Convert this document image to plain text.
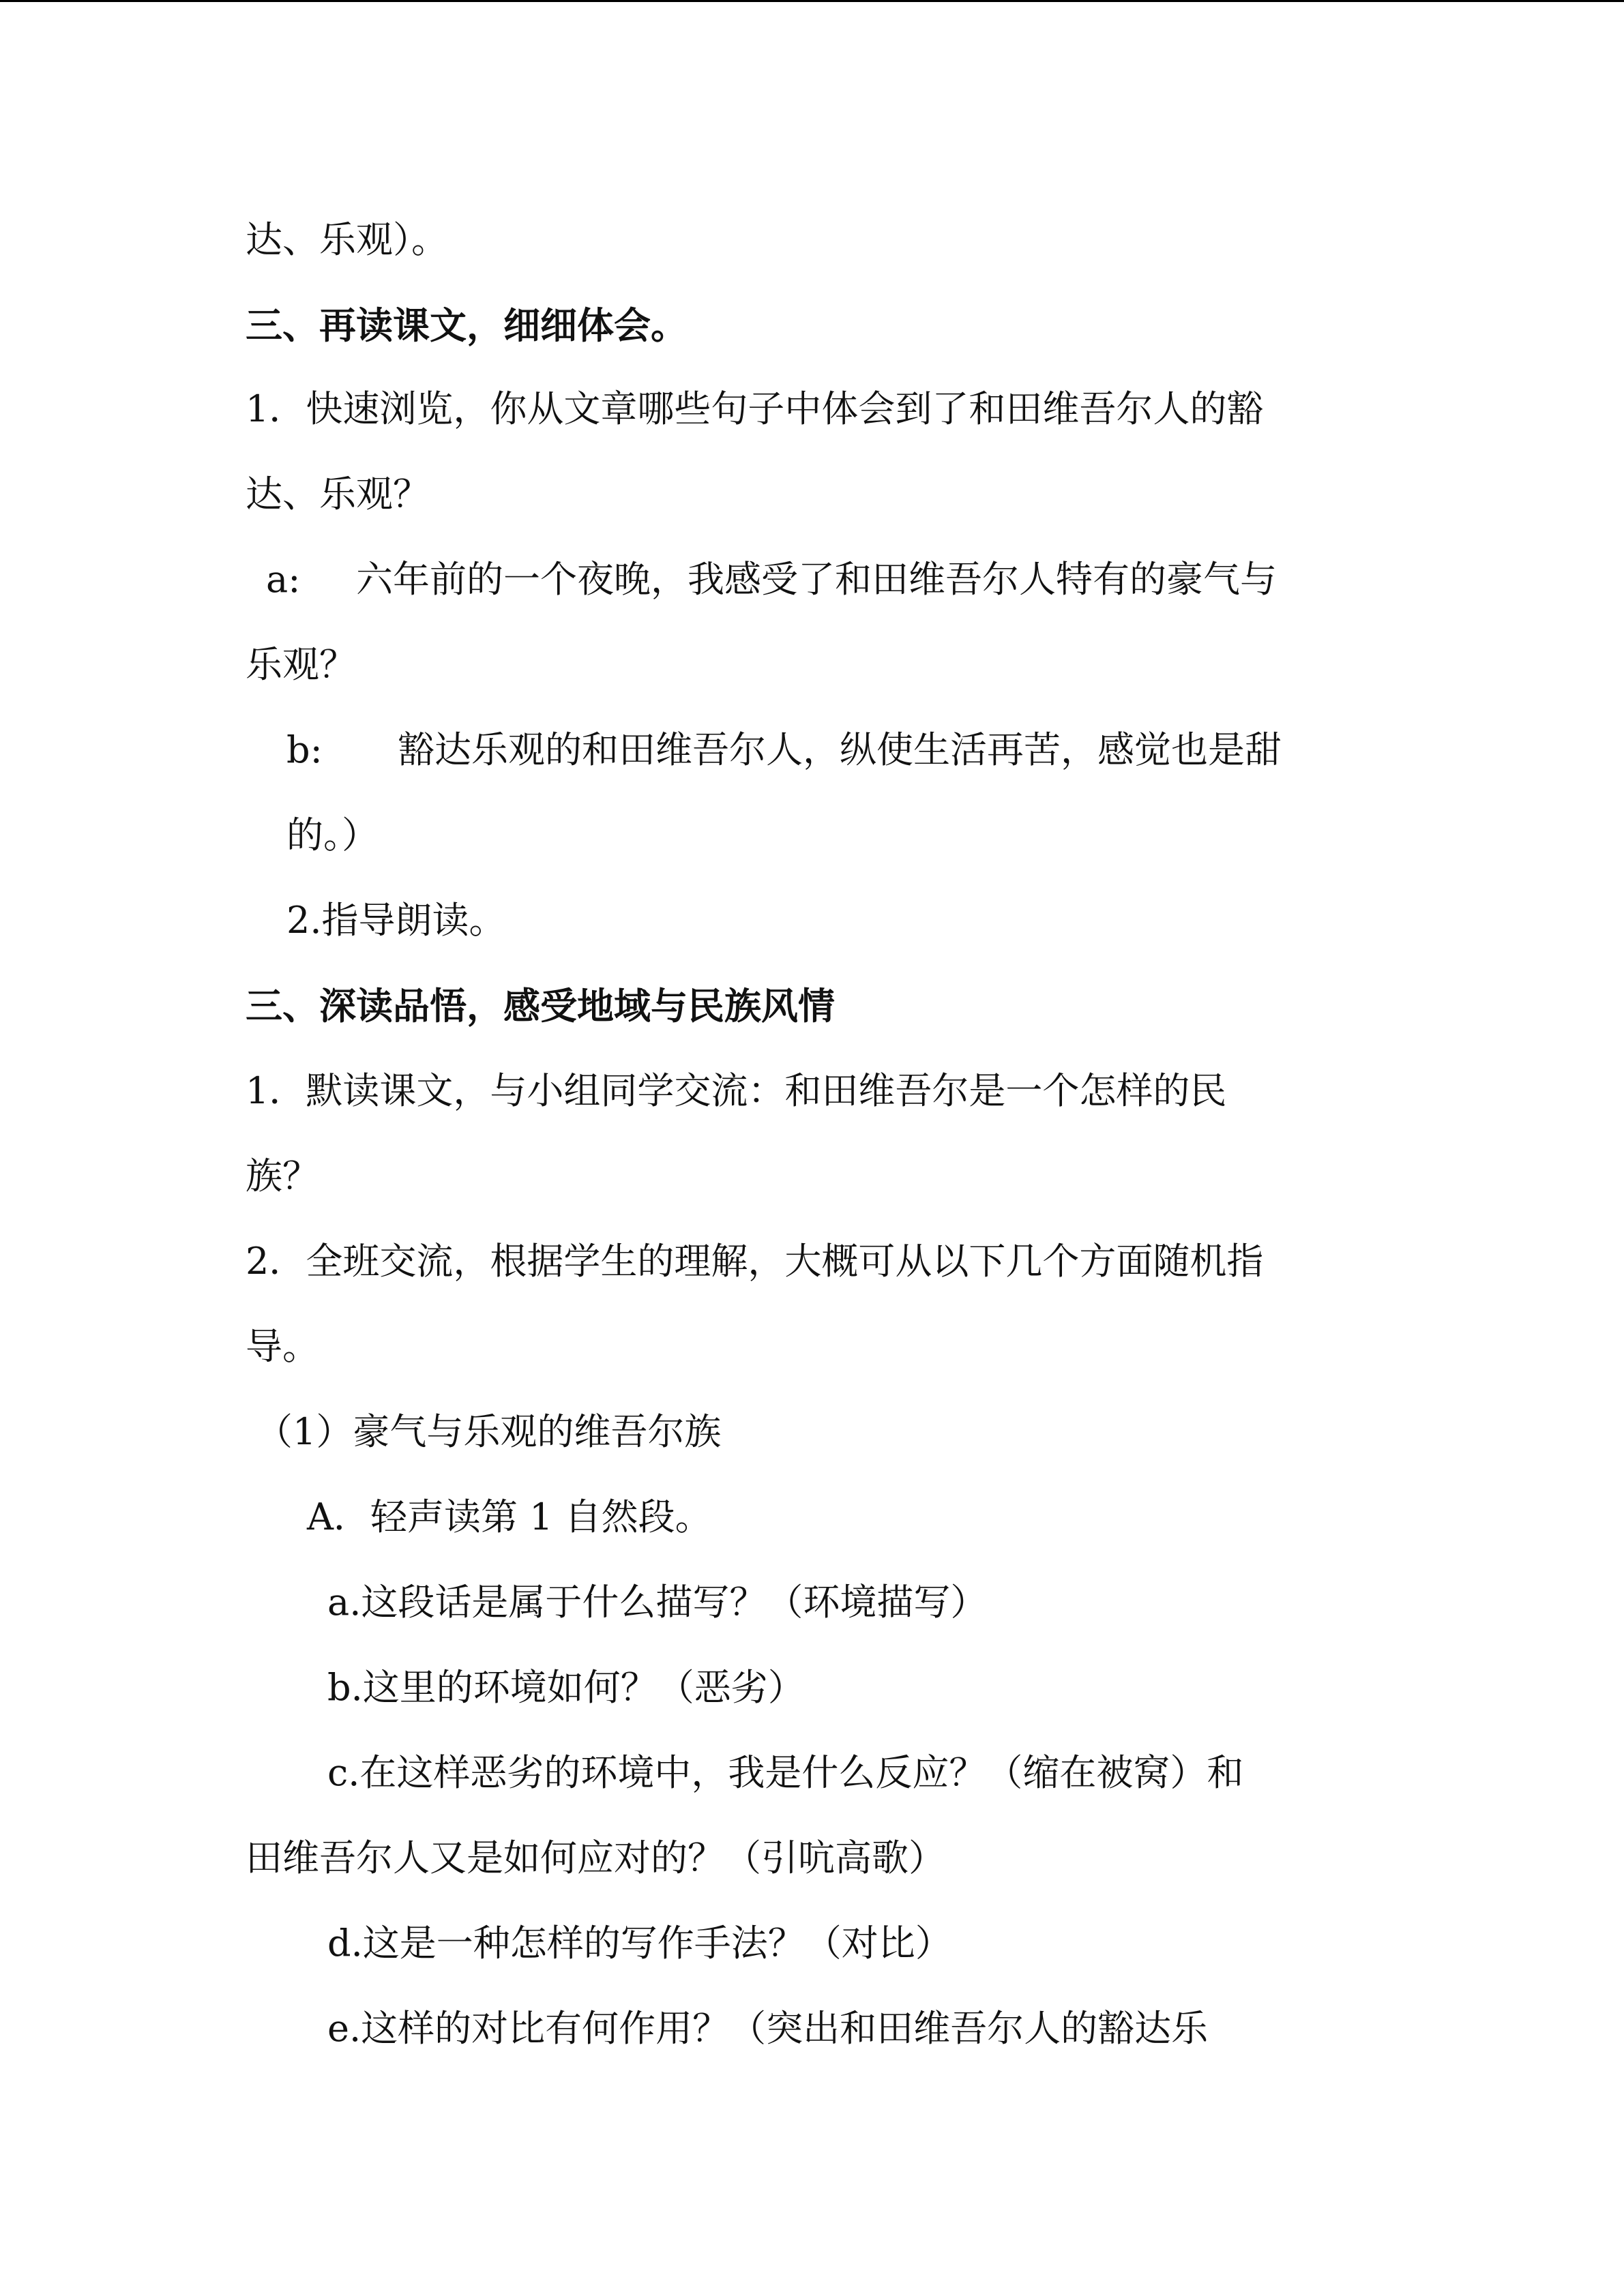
达、乐观）。
三、再读课文，细细体会。
1．快速浏览，你从文章哪些句子中体会到了和田维吾尔人的豁
达、乐观？
a: 六年前的一个夜晚，我感受了和田维吾尔人特有的豪气与
乐观？
b: 豁达乐观的和田维吾尔人，纵使生活再苦，感觉也是甜
的。）
2.指导朗读。
三、深读品悟，感受地域与民族风情
1．默读课文，与小组同学交流：和田维吾尔是一个怎样的民
族？
2．全班交流，根据学生的理解，大概可从以下几个方面随机指
导。
（1）豪气与乐观的维吾尔族
A．轻声读第 1 自然段。
a.这段话是属于什么描写？（环境描写）
b.这里的环境如何？（恶劣）
c.在这样恶劣的环境中，我是什么反应？（缩在被窝）和
田维吾尔人又是如何应对的？（引吭高歌）
d.这是一种怎样的写作手法？（对比）
e.这样的对比有何作用？（突出和田维吾尔人的豁达乐
